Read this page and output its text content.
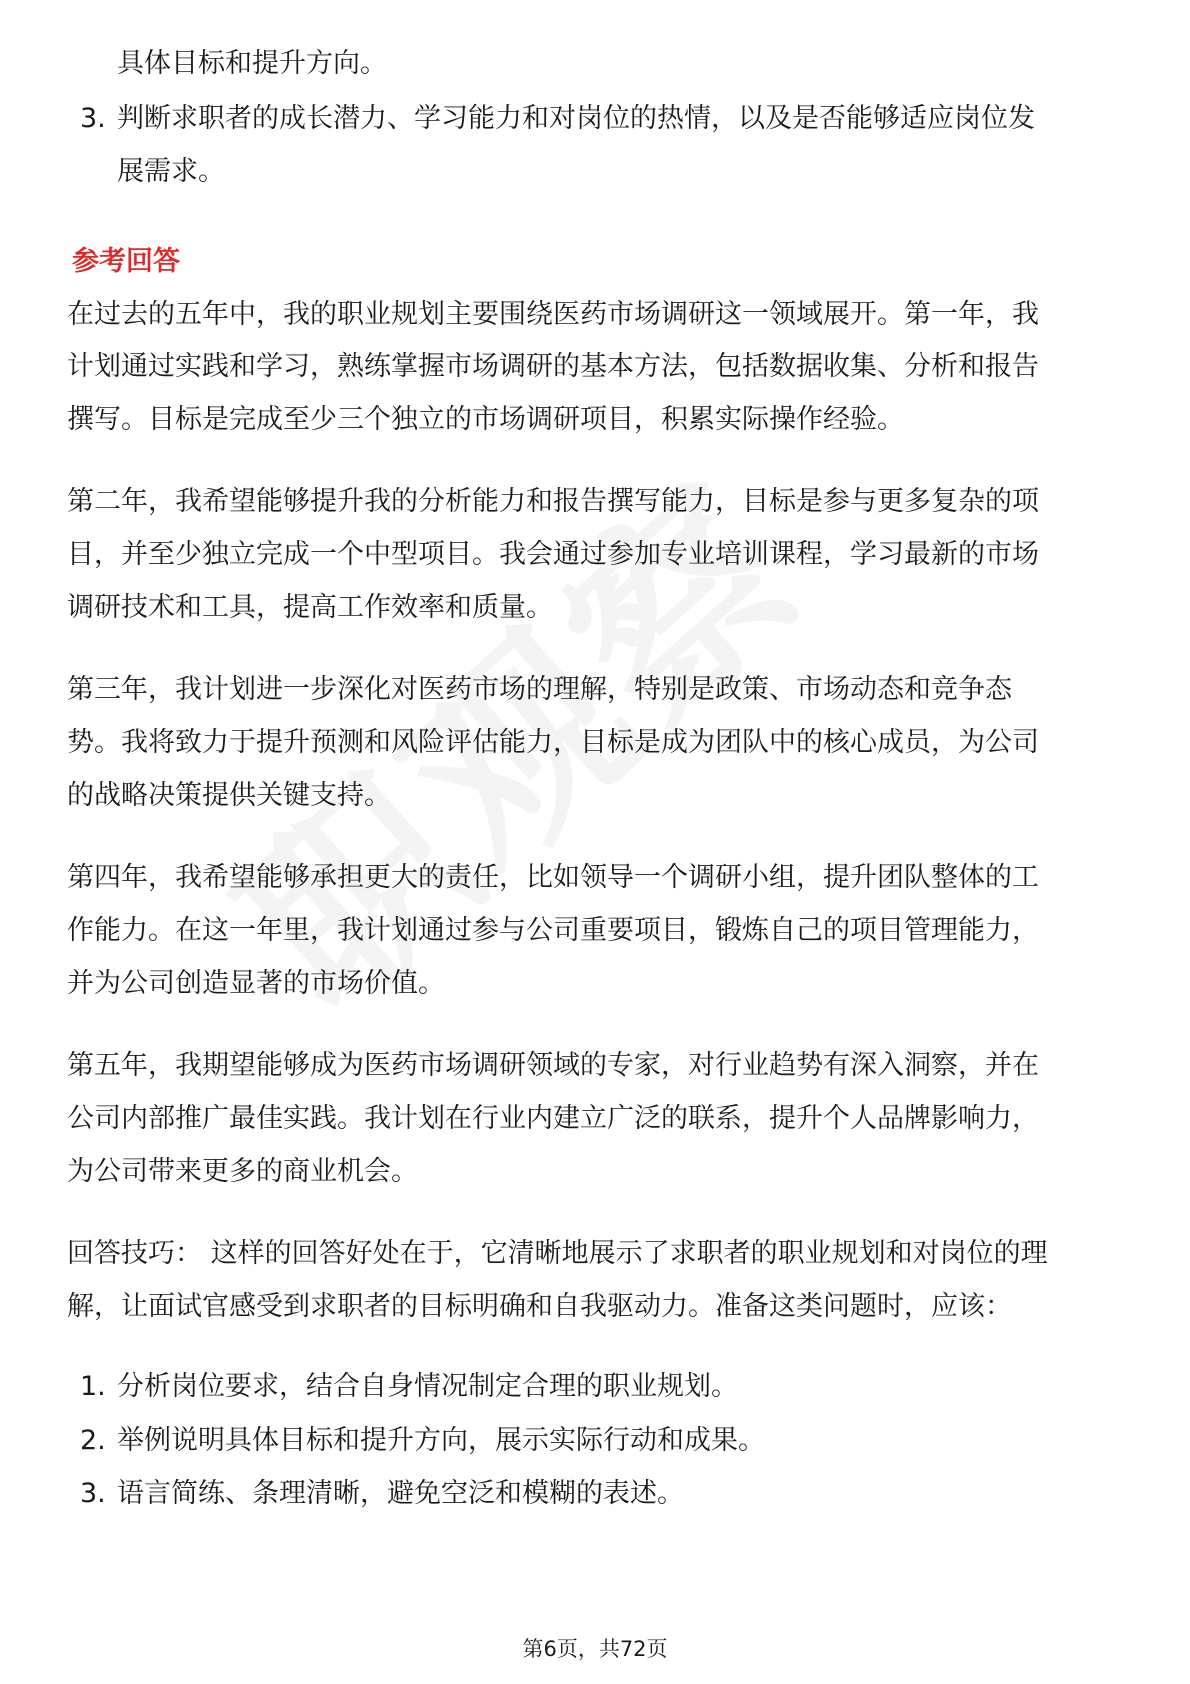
具体目标和提升方向。
3. 判断求职者的成长潜力、学习能力和对岗位的热情，以及是否能够适应岗位发
展需求。
参考回答
在过去的五年中，我的职业规划主要围绕医药市场调研这一领域展开。第一年，我
计划通过实践和学习，熟练掌握市场调研的基本方法，包括数据收集、分析和报告
撰写。目标是完成至少三个独立的市场调研项目，积累实际操作经验。
第二年，我希望能够提升我的分析能力和报告撰写能力，目标是参与更多复杂的项
目，并至少独立完成一个中型项目。我会通过参加专业培训课程，学习最新的市场
调研技术和工具，提高工作效率和质量。
第三年，我计划进一步深化对医药市场的理解，特别是政策、市场动态和竞争态
势。我将致力于提升预测和风险评估能力，目标是成为团队中的核心成员，为公司
的战略决策提供关键支持。
第四年，我希望能够承担更大的责任，比如领导一个调研小组，提升团队整体的工
作能力。在这一年里，我计划通过参与公司重要项目，锻炼自己的项目管理能力，
并为公司创造显著的市场价值。
第五年，我期望能够成为医药市场调研领域的专家，对行业趋势有深入洞察，并在
公司内部推广最佳实践。我计划在行业内建立广泛的联系，提升个人品牌影响力，
为公司带来更多的商业机会。
回答技巧： 这样的回答好处在于，它清晰地展示了求职者的职业规划和对岗位的理
解，让面试官感受到求职者的目标明确和自我驱动力。准备这类问题时，应该：
1. 分析岗位要求，结合自身情况制定合理的职业规划。
2. 举例说明具体目标和提升方向，展示实际行动和成果。
3. 语言简练、条理清晰，避免空泛和模糊的表述。
第6页，共72页
